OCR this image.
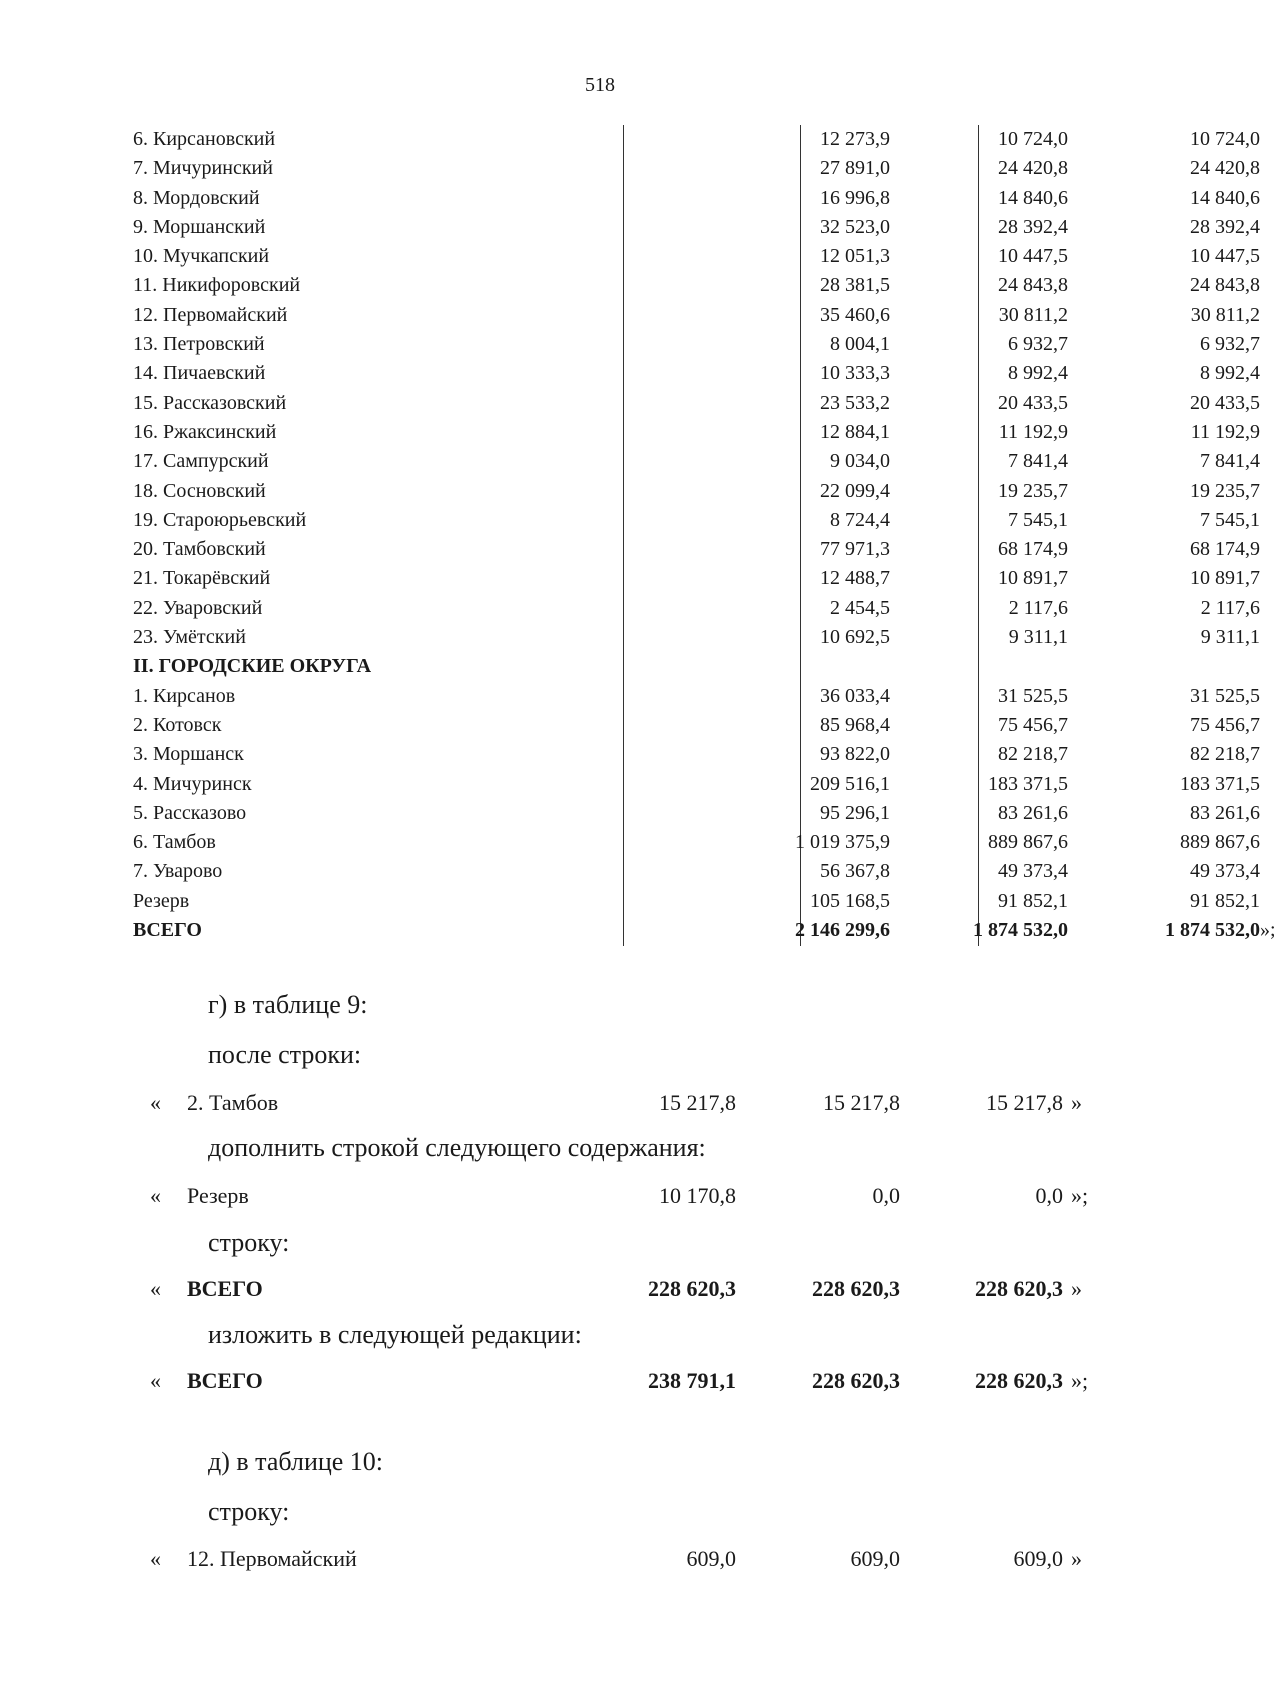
518
6. Кирсановский	12 273,9	10 724,0	10 724,0
7. Мичуринский	27 891,0	24 420,8	24 420,8
8. Мордовский	16 996,8	14 840,6	14 840,6
9. Моршанский	32 523,0	28 392,4	28 392,4
10. Мучкапский	12 051,3	10 447,5	10 447,5
11. Никифоровский	28 381,5	24 843,8	24 843,8
12. Первомайский	35 460,6	30 811,2	30 811,2
13. Петровский	8 004,1	6 932,7	6 932,7
14. Пичаевский	10 333,3	8 992,4	8 992,4
15. Рассказовский	23 533,2	20 433,5	20 433,5
16. Ржаксинский	12 884,1	11 192,9	11 192,9
17. Сампурский	9 034,0	7 841,4	7 841,4
18. Сосновский	22 099,4	19 235,7	19 235,7
19. Староюрьевский	8 724,4	7 545,1	7 545,1
20. Тамбовский	77 971,3	68 174,9	68 174,9
21. Токарёвский	12 488,7	10 891,7	10 891,7
22. Уваровский	2 454,5	2 117,6	2 117,6
23. Умётский	10 692,5	9 311,1	9 311,1
II. ГОРОДСКИЕ ОКРУГА
1. Кирсанов	36 033,4	31 525,5	31 525,5
2. Котовск	85 968,4	75 456,7	75 456,7
3. Моршанск	93 822,0	82 218,7	82 218,7
4. Мичуринск	209 516,1	183 371,5	183 371,5
5. Рассказово	95 296,1	83 261,6	83 261,6
6. Тамбов	1 019 375,9	889 867,6	889 867,6
7. Уварово	56 367,8	49 373,4	49 373,4
Резерв	105 168,5	91 852,1	91 852,1
ВСЕГО	2 146 299,6	1 874 532,0	1 874 532,0 »;
г) в таблице 9:
после строки:
« 2. Тамбов	15 217,8	15 217,8	15 217,8 »
дополнить строкой следующего содержания:
« Резерв	10 170,8	0,0	0,0 »;
строку:
« ВСЕГО	228 620,3	228 620,3	228 620,3 »
изложить в следующей редакции:
« ВСЕГО	238 791,1	228 620,3	228 620,3 »;
д) в таблице 10:
строку:
« 12. Первомайский	609,0	609,0	609,0 »
